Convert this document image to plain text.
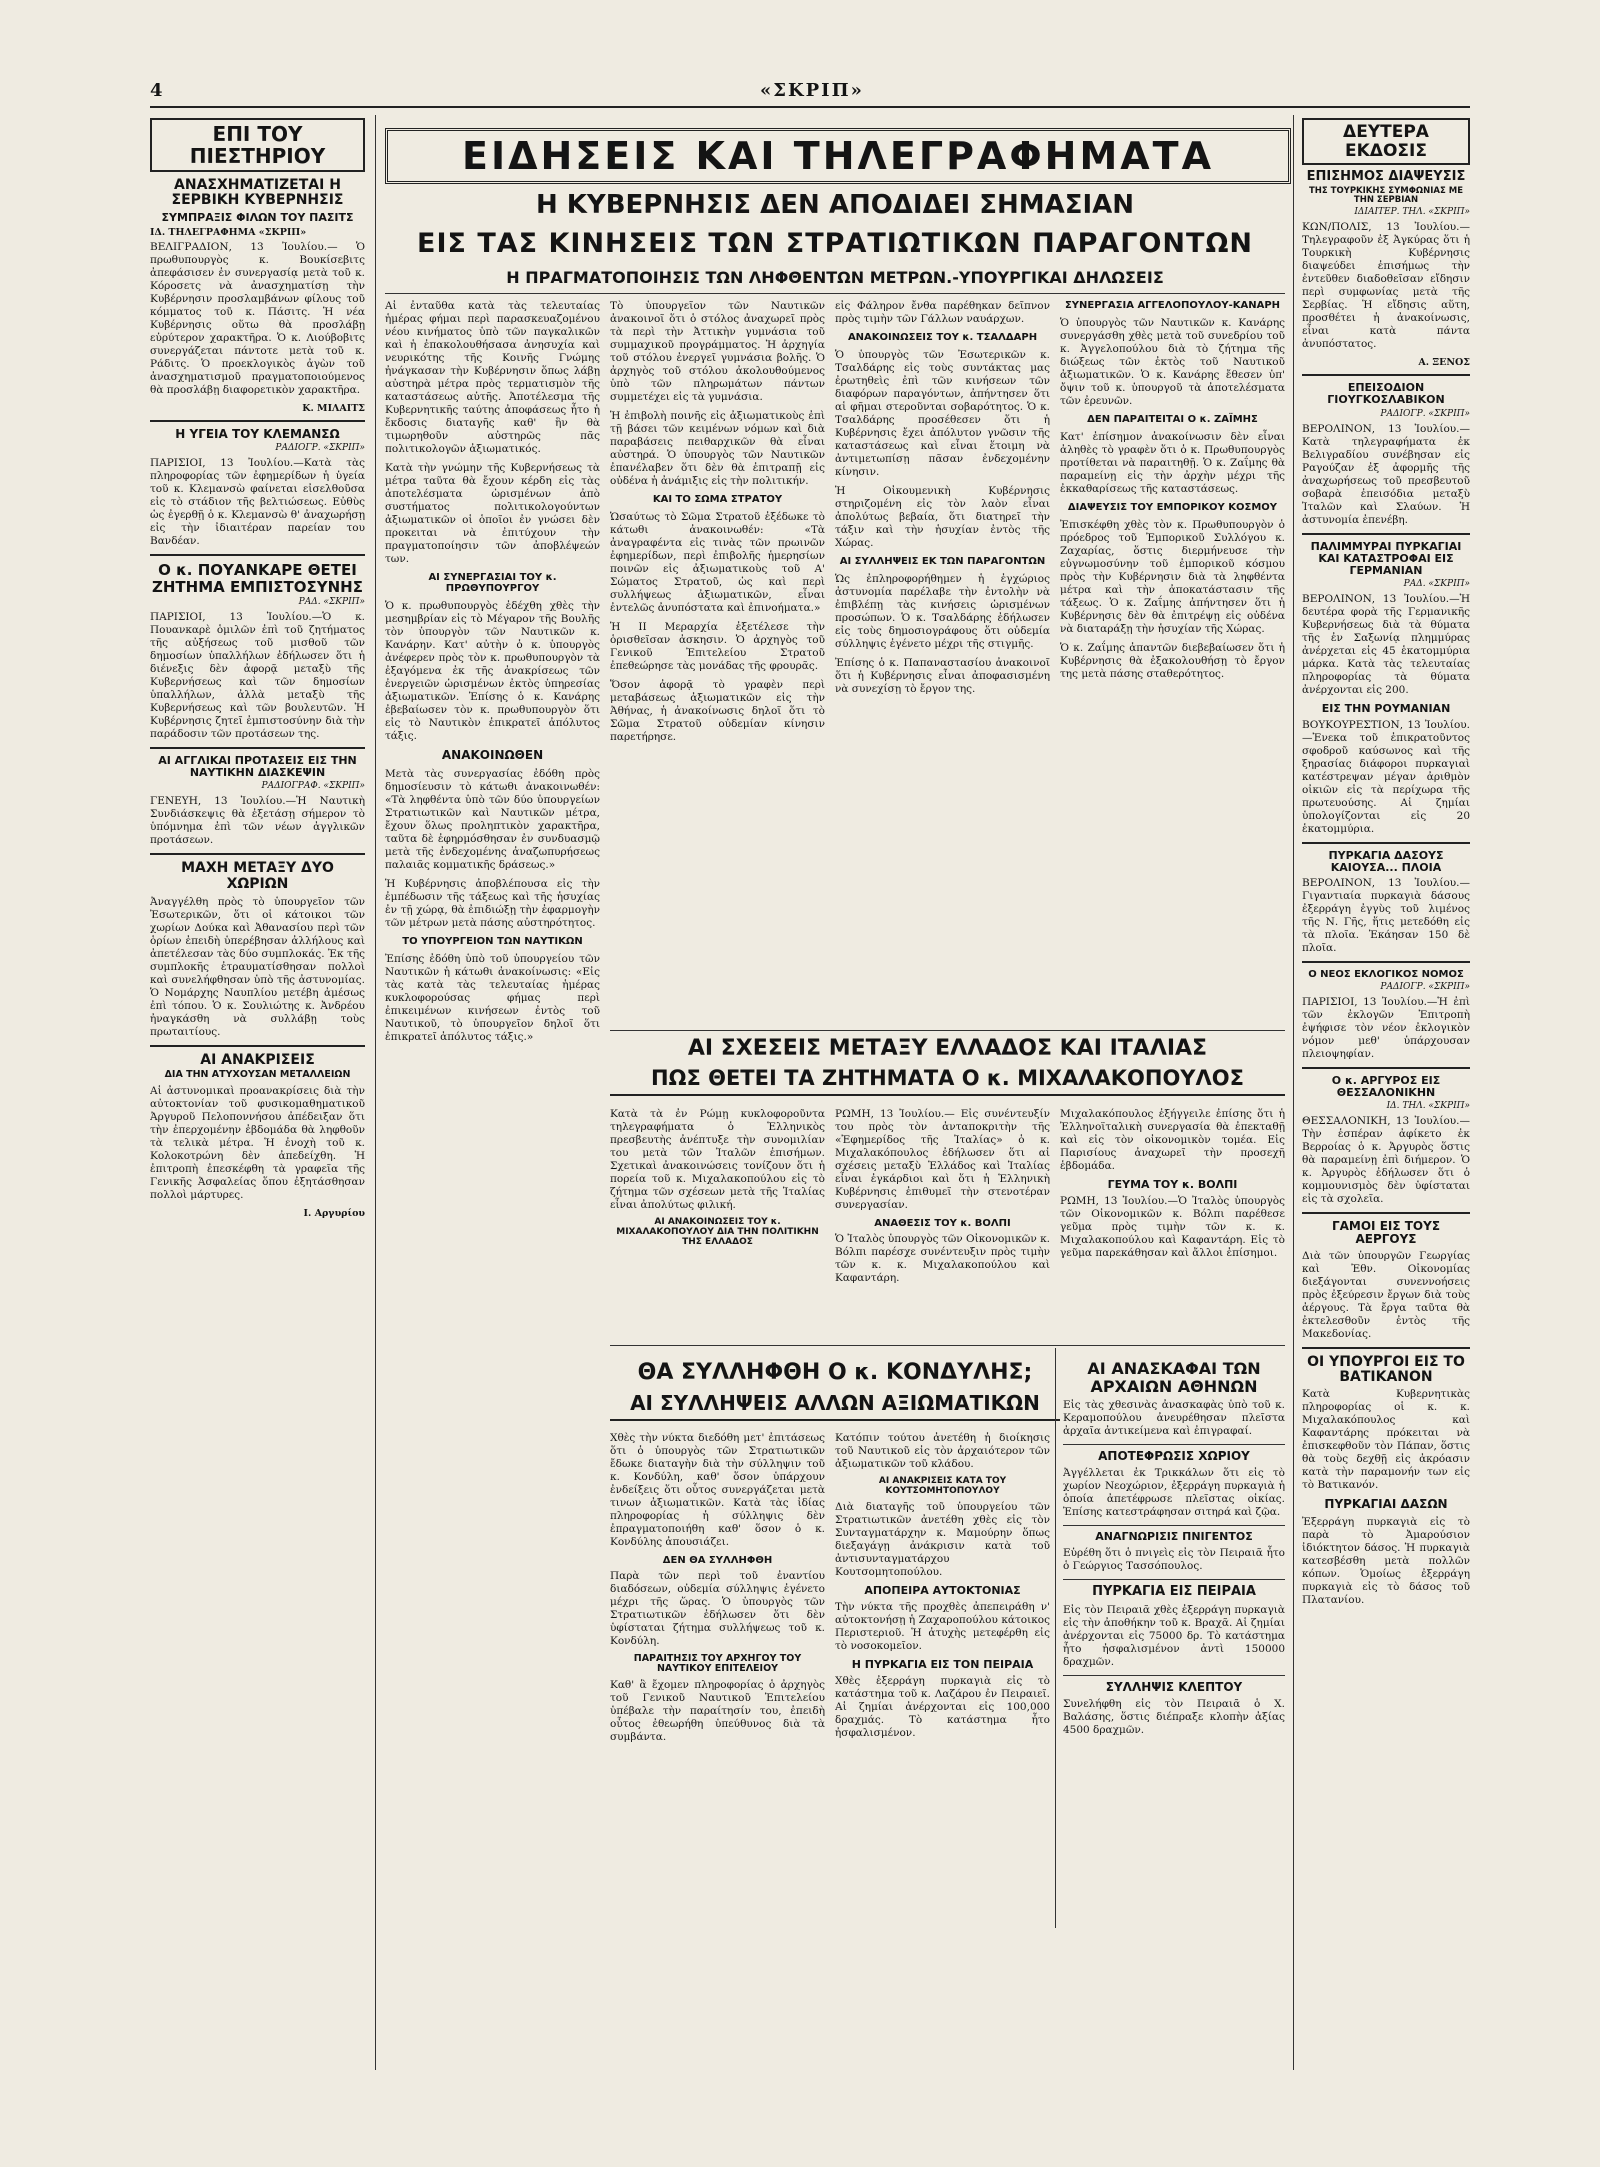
4	«ΣΚΡΙΠ»
ΕΠΙ ΤΟΥ ΠΙΕΣΤΗΡΙΟΥ
ΑΝΑΣΧΗΜΑΤΙΖΕΤΑΙ Η ΣΕΡΒΙΚΗ ΚΥΒΕΡΝΗΣΙΣ
ΣΥΜΠΡΑΞΙΣ ΦΙΛΩΝ ΤΟΥ ΠΑΣΙΤΣ
ΙΔ. ΤΗΛΕΓΡΑΦΗΜΑ «ΣΚΡΙΠ»

ΒΕΛΙΓΡΑΔΙΟΝ, 13 Ἰουλίου.— Ὁ πρωθυπουργὸς κ. Βουκίσεβιτς ἀπεφάσισεν ἐν συνεργασίᾳ μετὰ τοῦ κ. Κόροσετς νὰ ἀνασχηματίσῃ τὴν Κυβέρνησιν προσλαμβάνων φίλους τοῦ κόμματος τοῦ κ. Πάσιτς. Ἡ νέα Κυβέρνησις οὕτω θὰ προσλάβῃ εὐρύτερον χαρακτῆρα. Ὁ κ. Λιούβοβιτς συνεργάζεται πάντοτε μετὰ τοῦ κ. Ράδιτς. Ὁ προεκλογικὸς ἀγὼν τοῦ ἀνασχηματισμοῦ πραγματοποιούμενος θὰ προσλάβῃ διαφορετικὸν χαρακτῆρα.

Κ. ΜΙΛΑΙΤΣ
Η ΥΓΕΙΑ ΤΟΥ ΚΛΕΜΑΝΣΩ
ΡΑΔΙΟΓΡ. «ΣΚΡΙΠ»

ΠΑΡΙΣΙΟΙ, 13 Ἰουλίου.—Κατὰ τὰς πληροφορίας τῶν ἐφημερίδων ἡ ὑγεία τοῦ κ. Κλεμανσὼ φαίνεται εἰσελθοῦσα εἰς τὸ στάδιον τῆς βελτιώσεως. Εὐθὺς ὡς ἐγερθῇ ὁ κ. Κλεμανσὼ θ' ἀναχωρήσῃ εἰς τὴν ἰδιαιτέραν παρείαν του Βανδέαν.

Ο κ. ΠΟΥΑΝΚΑΡΕ ΘΕΤΕΙ ΖΗΤΗΜΑ ΕΜΠΙΣΤΟΣΥΝΗΣ
ΡΑΔ. «ΣΚΡΙΠ»

ΠΑΡΙΣΙΟΙ, 13 Ἰουλίου.—Ὁ κ. Πουανκαρὲ ὁμιλῶν ἐπὶ τοῦ ζητήματος τῆς αὐξήσεως τοῦ μισθοῦ τῶν δημοσίων ὑπαλλήλων ἐδήλωσεν ὅτι ἡ διένεξις δὲν ἀφορᾷ μεταξὺ τῆς Κυβερνήσεως καὶ τῶν δημοσίων ὑπαλλήλων, ἀλλὰ μεταξὺ τῆς Κυβερνήσεως καὶ τῶν βουλευτῶν. Ἡ Κυβέρνησις ζητεῖ ἐμπιστοσύνην διὰ τὴν παράδοσιν τῶν προτάσεων της.

ΑΙ ΑΓΓΛΙΚΑΙ ΠΡΟΤΑΣΕΙΣ ΕΙΣ ΤΗΝ ΝΑΥΤΙΚΗΝ ΔΙΑΣΚΕΨΙΝ
ΡΑΔΙΟΓΡΑΦ. «ΣΚΡΙΠ»

ΓΕΝΕΥΗ, 13 Ἰουλίου.—Ἡ Ναυτικὴ Συνδιάσκεψις θὰ ἐξετάσῃ σήμερον τὸ ὑπόμνημα ἐπὶ τῶν νέων ἀγγλικῶν προτάσεων.

ΜΑΧΗ ΜΕΤΑΞΥ ΔΥΟ ΧΩΡΙΩΝ

Ἀναγγέλθη πρὸς τὸ ὑπουργεῖον τῶν Ἐσωτερικῶν, ὅτι οἱ κάτοικοι τῶν χωρίων Δούκα καὶ Ἀθανασίου περὶ τῶν ὁρίων ἐπειδὴ ὑπερέβησαν ἀλλήλους καὶ ἀπετέλεσαν τὰς δύο συμπλοκάς. Ἐκ τῆς συμπλοκῆς ἐτραυματίσθησαν πολλοὶ καὶ συνελήφθησαν ὑπὸ τῆς ἀστυνομίας. Ὁ Νομάρχης Ναυπλίου μετέβη ἀμέσως ἐπὶ τόπου. Ὁ κ. Σουλιώτης κ. Ἀνδρέου ἠναγκάσθη νὰ συλλάβῃ τοὺς πρωταιτίους.

ΑΙ ΑΝΑΚΡΙΣΕΙΣ
ΔΙΑ ΤΗΝ ΑΤΥΧΟΥΣΑΝ ΜΕΤΑΛΛΕΙΩΝ

Αἱ ἀστυνομικαὶ προανακρίσεις διὰ τὴν αὐτοκτονίαν τοῦ φυσικομαθηματικοῦ Ἀργυροῦ Πελοποννήσου ἀπέδειξαν ὅτι τὴν ἐπερχομένην ἐβδομάδα θὰ ληφθοῦν τὰ τελικὰ μέτρα. Ἡ ἐνοχὴ τοῦ κ. Κολοκοτρώνη δὲν ἀπεδείχθη. Ἡ ἐπιτροπὴ ἐπεσκέφθη τὰ γραφεῖα τῆς Γενικῆς Ἀσφαλείας ὅπου ἐξητάσθησαν πολλοὶ μάρτυρες.

Ι. Αργυρίου
ΕΙΔΗΣΕΙΣ ΚΑΙ ΤΗΛΕΓΡΑΦΗΜΑΤΑ
Η ΚΥΒΕΡΝΗΣΙΣ ΔΕΝ ΑΠΟΔΙΔΕΙ ΣΗΜΑΣΙΑΝ
ΕΙΣ ΤΑΣ ΚΙΝΗΣΕΙΣ ΤΩΝ ΣΤΡΑΤΙΩΤΙΚΩΝ ΠΑΡΑΓΟΝΤΩΝ
Η ΠΡΑΓΜΑΤΟΠΟΙΗΣΙΣ ΤΩΝ ΛΗΦΘΕΝΤΩΝ ΜΕΤΡΩΝ.-ΥΠΟΥΡΓΙΚΑΙ ΔΗΛΩΣΕΙΣ

Αἱ ἐνταῦθα κατὰ τὰς τελευταίας ἡμέρας φήμαι περὶ παρασκευαζομένου νέου κινήματος ὑπὸ τῶν παγκαλικῶν καὶ ἡ ἐπακολουθήσασα ἀνησυχία καὶ νευρικότης τῆς Κοινῆς Γνώμης ἠνάγκασαν τὴν Κυβέρνησιν ὅπως λάβῃ αὐστηρὰ μέτρα πρὸς τερματισμὸν τῆς καταστάσεως αὐτῆς. Ἀποτέλεσμα τῆς Κυβερνητικῆς ταύτης ἀποφάσεως ἦτο ἡ ἔκδοσις διαταγῆς καθ' ἣν θὰ τιμωρηθοῦν αὐστηρῶς πᾶς πολιτικολογῶν ἀξιωματικός.

Κατὰ τὴν γνώμην τῆς Κυβερνήσεως τὰ μέτρα ταῦτα θὰ ἔχουν κέρδη εἰς τὰς ἀποτελέσματα ὡρισμένων ἀπὸ συστήματος πολιτικολογούντων ἀξιωματικῶν οἱ ὁποῖοι ἐν γνώσει δὲν προκειται νὰ ἐπιτύχουν τὴν πραγματοποίησιν τῶν ἀποβλέψεών των.

ΑΙ ΣΥΝΕΡΓΑΣΙΑΙ ΤΟΥ κ. ΠΡΩΘΥΠΟΥΡΓΟΥ

Ὁ κ. πρωθυπουργὸς ἐδέχθη χθὲς τὴν μεσημβρίαν εἰς τὸ Μέγαρον τῆς Βουλῆς τὸν ὑπουργὸν τῶν Ναυτικῶν κ. Κανάρην. Κατ' αὐτὴν ὁ κ. ὑπουργὸς ἀνέφερεν πρὸς τὸν κ. πρωθυπουργὸν τὰ ἐξαγόμενα ἐκ τῆς ἀνακρίσεως τῶν ἐνεργειῶν ὡρισμένων ἐκτὸς ὑπηρεσίας ἀξιωματικῶν. Ἐπίσης ὁ κ. Κανάρης ἐβεβαίωσεν τὸν κ. πρωθυπουργὸν ὅτι εἰς τὸ Ναυτικὸν ἐπικρατεῖ ἀπόλυτος τάξις.

ΑΝΑΚΟΙΝΩΘΕΝ

Μετὰ τὰς συνεργασίας ἐδόθη πρὸς δημοσίευσιν τὸ κάτωθι ἀνακοινωθέν: «Τὰ ληφθέντα ὑπὸ τῶν δύο ὑπουργείων Στρατιωτικῶν καὶ Ναυτικῶν μέτρα, ἔχουν ὅλως προληπτικὸν χαρακτῆρα, ταῦτα δὲ ἐφηρμόσθησαν ἐν συνδυασμῷ μετὰ τῆς ἐνδεχομένης ἀναζωπυρήσεως παλαιᾶς κομματικῆς δράσεως.»

Ἡ Κυβέρνησις ἀποβλέπουσα εἰς τὴν ἐμπέδωσιν τῆς τάξεως καὶ τῆς ἡσυχίας ἐν τῇ χώρᾳ, θὰ ἐπιδιώξῃ τὴν ἐφαρμογὴν τῶν μέτρων μετὰ πάσης αὐστηρότητος.

ΤΟ ΥΠΟΥΡΓΕΙΟΝ ΤΩΝ ΝΑΥΤΙΚΩΝ

Ἐπίσης ἐδόθη ὑπὸ τοῦ ὑπουργείου τῶν Ναυτικῶν ἡ κάτωθι ἀνακοίνωσις: «Εἰς τὰς κατὰ τὰς τελευταίας ἡμέρας κυκλοφορούσας φήμας περὶ ἐπικειμένων κινήσεων ἐντὸς τοῦ Ναυτικοῦ, τὸ ὑπουργεῖον δηλοῖ ὅτι ἐπικρατεῖ ἀπόλυτος τάξις.»

Τὸ ὑπουργεῖον τῶν Ναυτικῶν ἀνακοινοῖ ὅτι ὁ στόλος ἀναχωρεῖ πρὸς τὰ περὶ τὴν Ἀττικὴν γυμνάσια τοῦ συμμαχικοῦ προγράμματος. Ἡ ἀρχηγία τοῦ στόλου ἐνεργεῖ γυμνάσια βολῆς. Ὁ ἀρχηγὸς τοῦ στόλου ἀκολουθούμενος ὑπὸ τῶν πληρωμάτων πάντων συμμετέχει εἰς τὰ γυμνάσια.

Ἡ ἐπιβολὴ ποινῆς εἰς ἀξιωματικοὺς ἐπὶ τῇ βάσει τῶν κειμένων νόμων καὶ διὰ παραβάσεις πειθαρχικῶν θὰ εἶναι αὐστηρά. Ὁ ὑπουργὸς τῶν Ναυτικῶν ἐπανέλαβεν ὅτι δὲν θὰ ἐπιτραπῇ εἰς οὐδένα ἡ ἀνάμιξις εἰς τὴν πολιτικήν.

ΚΑΙ ΤΟ ΣΩΜΑ ΣΤΡΑΤΟΥ

Ὡσαύτως τὸ Σῶμα Στρατοῦ ἐξέδωκε τὸ κάτωθι ἀνακοινωθέν: «Τὰ ἀναγραφέντα εἰς τινὰς τῶν πρωινῶν ἐφημερίδων, περὶ ἐπιβολῆς ἡμερησίων ποινῶν εἰς ἀξιωματικοὺς τοῦ Α' Σώματος Στρατοῦ, ὡς καὶ περὶ συλλήψεως ἀξιωματικῶν, εἶναι ἐντελῶς ἀνυπόστατα καὶ ἐπινοήματα.»

Ἡ ΙΙ Μεραρχία ἐξετέλεσε τὴν ὁρισθεῖσαν ἀσκησιν. Ὁ ἀρχηγὸς τοῦ Γενικοῦ Ἐπιτελείου Στρατοῦ ἐπεθεώρησε τὰς μονάδας τῆς φρουρᾶς.

Ὅσον ἀφορᾷ τὸ γραφὲν περὶ μεταβάσεως ἀξιωματικῶν εἰς τὴν Ἀθήνας, ἡ ἀνακοίνωσις δηλοῖ ὅτι τὸ Σῶμα Στρατοῦ οὐδεμίαν κίνησιν παρετήρησε.

εἰς Φάληρον ἔνθα παρέθηκαν δεῖπνον πρὸς τιμὴν τῶν Γάλλων ναυάρχων.

ΑΝΑΚΟΙΝΩΣΕΙΣ ΤΟΥ κ. ΤΣΑΛΔΑΡΗ

Ὁ ὑπουργὸς τῶν Ἐσωτερικῶν κ. Τσαλδάρης εἰς τοὺς συντάκτας μας ἐρωτηθεὶς ἐπὶ τῶν κινήσεων τῶν διαφόρων παραγόντων, ἀπήντησεν ὅτι αἱ φῆμαι στεροῦνται σοβαρότητος. Ὁ κ. Τσαλδάρης προσέθεσεν ὅτι ἡ Κυβέρνησις ἔχει ἀπόλυτον γνῶσιν τῆς καταστάσεως καὶ εἶναι ἕτοιμη νὰ ἀντιμετωπίσῃ πᾶσαν ἐνδεχομένην κίνησιν.

Ἡ Οἰκουμενικὴ Κυβέρνησις στηριζομένη εἰς τὸν λαὸν εἶναι ἀπολύτως βεβαία, ὅτι διατηρεῖ τὴν τάξιν καὶ τὴν ἡσυχίαν ἐντὸς τῆς Χώρας.

ΑΙ ΣΥΛΛΗΨΕΙΣ ΕΚ ΤΩΝ ΠΑΡΑΓΟΝΤΩΝ

Ὡς ἐπληροφορήθημεν ἡ ἐγχώριος ἀστυνομία παρέλαβε τὴν ἐντολὴν νὰ ἐπιβλέπῃ τὰς κινήσεις ὡρισμένων προσώπων. Ὁ κ. Τσαλδάρης ἐδήλωσεν εἰς τοὺς δημοσιογράφους ὅτι οὐδεμία σύλληψις ἐγένετο μέχρι τῆς στιγμῆς.

Ἐπίσης ὁ κ. Παπαναστασίου ἀνακοινοῖ ὅτι ἡ Κυβέρνησις εἶναι ἀποφασισμένη νὰ συνεχίσῃ τὸ ἔργον της.

ΣΥΝΕΡΓΑΣΙΑ ΑΓΓΕΛΟΠΟΥΛΟΥ-ΚΑΝΑΡΗ

Ὁ ὑπουργὸς τῶν Ναυτικῶν κ. Κανάρης συνεργάσθη χθὲς μετὰ τοῦ συνεδρίου τοῦ κ. Ἀγγελοπούλου διὰ τὸ ζήτημα τῆς διώξεως τῶν ἐκτὸς τοῦ Ναυτικοῦ ἀξιωματικῶν. Ὁ κ. Κανάρης ἔθεσεν ὑπ' ὄψιν τοῦ κ. ὑπουργοῦ τὰ ἀποτελέσματα τῶν ἐρευνῶν.

ΔΕΝ ΠΑΡΑΙΤΕΙΤΑΙ Ο κ. ΖΑΪΜΗΣ

Κατ' ἐπίσημον ἀνακοίνωσιν δὲν εἶναι ἀληθὲς τὸ γραφὲν ὅτι ὁ κ. Πρωθυπουργὸς προτίθεται νὰ παραιτηθῇ. Ὁ κ. Ζαΐμης θὰ παραμείνῃ εἰς τὴν ἀρχὴν μέχρι τῆς ἐκκαθαρίσεως τῆς καταστάσεως.

ΔΙΑΨΕΥΣΙΣ ΤΟΥ ΕΜΠΟΡΙΚΟΥ ΚΟΣΜΟΥ

Ἐπισκέφθη χθὲς τὸν κ. Πρωθυπουργὸν ὁ πρόεδρος τοῦ Ἐμπορικοῦ Συλλόγου κ. Ζαχαρίας, ὅστις διερμήνευσε τὴν εὐγνωμοσύνην τοῦ ἐμπορικοῦ κόσμου πρὸς τὴν Κυβέρνησιν διὰ τὰ ληφθέντα μέτρα καὶ τὴν ἀποκατάστασιν τῆς τάξεως. Ὁ κ. Ζαΐμης ἀπήντησεν ὅτι ἡ Κυβέρνησις δὲν θὰ ἐπιτρέψῃ εἰς οὐδένα νὰ διαταράξῃ τὴν ἡσυχίαν τῆς Χώρας.

Ὁ κ. Ζαΐμης ἀπαντῶν διεβεβαίωσεν ὅτι ἡ Κυβέρνησις θὰ ἐξακολουθήσῃ τὸ ἔργον της μετὰ πάσης σταθερότητος.

ΑΙ ΣΧΕΣΕΙΣ ΜΕΤΑΞΥ ΕΛΛΑΔΟΣ ΚΑΙ ΙΤΑΛΙΑΣ
ΠΩΣ ΘΕΤΕΙ ΤΑ ΖΗΤΗΜΑΤΑ Ο κ. ΜΙΧΑΛΑΚΟΠΟΥΛΟΣ

Κατὰ τὰ ἐν Ρώμῃ κυκλοφοροῦντα τηλεγραφήματα ὁ Ἑλληνικὸς πρεσβευτὴς ἀνέπτυξε τὴν συνομιλίαν του μετὰ τῶν Ἰταλῶν ἐπισήμων. Σχετικαὶ ἀνακοινώσεις τονίζουν ὅτι ἡ πορεία τοῦ κ. Μιχαλακοπούλου εἰς τὸ ζήτημα τῶν σχέσεων μετὰ τῆς Ἰταλίας εἶναι ἀπολύτως φιλική.

ΑΙ ΑΝΑΚΟΙΝΩΣΕΙΣ ΤΟΥ κ. ΜΙΧΑΛΑΚΟΠΟΥΛΟΥ ΔΙΑ ΤΗΝ ΠΟΛΙΤΙΚΗΝ ΤΗΣ ΕΛΛΑΔΟΣ

ΡΩΜΗ, 13 Ἰουλίου.— Εἰς συνέντευξίν του πρὸς τὸν ἀνταποκριτὴν τῆς «Ἐφημερίδος τῆς Ἰταλίας» ὁ κ. Μιχαλακόπουλος ἐδήλωσεν ὅτι αἱ σχέσεις μεταξὺ Ἑλλάδος καὶ Ἰταλίας εἶναι ἐγκάρδιοι καὶ ὅτι ἡ Ἑλληνικὴ Κυβέρνησις ἐπιθυμεῖ τὴν στενοτέραν συνεργασίαν.

ΑΝΑΘΕΣΙΣ ΤΟΥ κ. ΒΟΛΠΙ

Ὁ Ἰταλὸς ὑπουργὸς τῶν Οἰκονομικῶν κ. Βόλπι παρέσχε συνέντευξιν πρὸς τιμὴν τῶν κ. κ. Μιχαλακοπούλου καὶ Καφαντάρη.

Μιχαλακόπουλος ἐξήγγειλε ἐπίσης ὅτι ἡ Ἐλληνοϊταλικὴ συνεργασία θὰ ἐπεκταθῇ καὶ εἰς τὸν οἰκονομικὸν τομέα. Εἰς Παρισίους ἀναχωρεῖ τὴν προσεχῆ ἑβδομάδα.

ΓΕΥΜΑ ΤΟΥ κ. ΒΟΛΠΙ

ΡΩΜΗ, 13 Ἰουλίου.—Ὁ Ἰταλὸς ὑπουργὸς τῶν Οἰκονομικῶν κ. Βόλπι παρέθεσε γεῦμα πρὸς τιμὴν τῶν κ. κ. Μιχαλακοπούλου καὶ Καφαντάρη. Εἰς τὸ γεῦμα παρεκάθησαν καὶ ἄλλοι ἐπίσημοι.

ΘΑ ΣΥΛΛΗΦΘΗ Ο κ. ΚΟΝΔΥΛΗΣ;
ΑΙ ΣΥΛΛΗΨΕΙΣ ΑΛΛΩΝ ΑΞΙΩΜΑΤΙΚΩΝ

Χθὲς τὴν νύκτα διεδόθη μετ' ἐπιτάσεως ὅτι ὁ ὑπουργὸς τῶν Στρατιωτικῶν ἔδωκε διαταγὴν διὰ τὴν σύλληψιν τοῦ κ. Κονδύλη, καθ' ὅσον ὑπάρχουν ἐνδείξεις ὅτι οὗτος συνεργάζεται μετὰ τινων ἀξιωματικῶν. Κατὰ τὰς ἰδίας πληροφορίας ἡ σύλληψις δὲν ἐπραγματοποιήθη καθ' ὅσον ὁ κ. Κονδύλης ἀπουσιάζει.

ΔΕΝ ΘΑ ΣΥΛΛΗΦΘΗ

Παρὰ τῶν περὶ τοῦ ἐναντίου διαδόσεων, οὐδεμία σύλληψις ἐγένετο μέχρι τῆς ὥρας. Ὁ ὑπουργὸς τῶν Στρατιωτικῶν ἐδήλωσεν ὅτι δὲν ὑφίσταται ζήτημα συλλήψεως τοῦ κ. Κονδύλη.

ΠΑΡΑΙΤΗΣΙΣ ΤΟΥ ΑΡΧΗΓΟΥ ΤΟΥ ΝΑΥΤΙΚΟΥ ΕΠΙΤΕΛΕΙΟΥ

Καθ' ἃ ἔχομεν πληροφορίας ὁ ἀρχηγὸς τοῦ Γενικοῦ Ναυτικοῦ Ἐπιτελείου ὑπέβαλε τὴν παραίτησίν του, ἐπειδὴ οὗτος ἐθεωρήθη ὑπεύθυνος διὰ τὰ συμβάντα.

Κατόπιν τούτου ἀνετέθη ἡ διοίκησις τοῦ Ναυτικοῦ εἰς τὸν ἀρχαιότερον τῶν ἀξιωματικῶν τοῦ κλάδου.

ΑΙ ΑΝΑΚΡΙΣΕΙΣ ΚΑΤΑ ΤΟΥ ΚΟΥΤΣΟΜΗΤΟΠΟΥΛΟΥ

Διὰ διαταγῆς τοῦ ὑπουργείου τῶν Στρατιωτικῶν ἀνετέθη χθὲς εἰς τὸν Συνταγματάρχην κ. Μαμούρην ὅπως διεξαγάγῃ ἀνάκρισιν κατὰ τοῦ ἀντισυνταγματάρχου Κουτσομητοπούλου.

ΑΠΟΠΕΙΡΑ ΑΥΤΟΚΤΟΝΙΑΣ

Τὴν νύκτα τῆς προχθὲς ἀπεπειράθη ν' αὐτοκτονήσῃ ἡ Ζαχαροπούλου κάτοικος Περιστεριοῦ. Ἡ ἀτυχὴς μετεφέρθη εἰς τὸ νοσοκομεῖον.

Η ΠΥΡΚΑΓΙΑ ΕΙΣ ΤΟΝ ΠΕΙΡΑΙΑ

Χθὲς ἐξερράγη πυρκαγιὰ εἰς τὸ κατάστημα τοῦ κ. Λαζάρου ἐν Πειραιεῖ. Αἱ ζημίαι ἀνέρχονται εἰς 100,000 δραχμάς. Τὸ κατάστημα ἦτο ἠσφαλισμένον.

ΑΙ ΑΝΑΣΚΑΦΑΙ ΤΩΝ ΑΡΧΑΙΩΝ ΑΘΗΝΩΝ

Εἰς τὰς χθεσινὰς ἀνασκαφὰς ὑπὸ τοῦ κ. Κεραμοπούλου ἀνευρέθησαν πλεῖστα ἀρχαῖα ἀντικείμενα καὶ ἐπιγραφαί.

ΑΠΟΤΕΦΡΩΣΙΣ ΧΩΡΙΟΥ

Ἀγγέλλεται ἐκ Τρικκάλων ὅτι εἰς τὸ χωρίον Νεοχώριον, ἐξερράγη πυρκαγιὰ ἡ ὁποία ἀπετέφρωσε πλεῖστας οἰκίας. Ἐπίσης κατεστράφησαν σιτηρά καὶ ζῷα.

ΑΝΑΓΝΩΡΙΣΙΣ ΠΝΙΓΕΝΤΟΣ

Εὑρέθη ὅτι ὁ πνιγεὶς εἰς τὸν Πειραιᾶ ἦτο ὁ Γεώργιος Τασσόπουλος.

ΠΥΡΚΑΓΙΑ ΕΙΣ ΠΕΙΡΑΙΑ

Εἰς τὸν Πειραιᾶ χθὲς ἐξερράγη πυρκαγιὰ εἰς τὴν ἀποθήκην τοῦ κ. Βραχᾶ. Αἱ ζημίαι ἀνέρχονται εἰς 75000 δρ. Τὸ κατάστημα ἦτο ἠσφαλισμένον ἀντὶ 150000 δραχμῶν.

ΣΥΛΛΗΨΙΣ ΚΛΕΠΤΟΥ

Συνελήφθη εἰς τὸν Πειραιᾶ ὁ Χ. Βαλάσης, ὅστις διέπραξε κλοπὴν ἀξίας 4500 δραχμῶν.

ΔΕΥΤΕΡΑ ΕΚΔΟΣΙΣ
ΕΠΙΣΗΜΟΣ ΔΙΑΨΕΥΣΙΣ
ΤΗΣ ΤΟΥΡΚΙΚΗΣ ΣΥΜΦΩΝΙΑΣ ΜΕ ΤΗΝ ΣΕΡΒΙΑΝ
ΙΔΙΑΙΤΕΡ. ΤΗΛ. «ΣΚΡΙΠ»

ΚΩΝ/ΠΟΛΙΣ, 13 Ἰουλίου.—Τηλεγραφοῦν ἐξ Ἀγκύρας ὅτι ἡ Τουρκικὴ Κυβέρνησις διαψεύδει ἐπισήμως τὴν ἐντεῦθεν διαδοθεῖσαν εἴδησιν περὶ συμφωνίας μετὰ τῆς Σερβίας. Ἡ εἴδησις αὕτη, προσθέτει ἡ ἀνακοίνωσις, εἶναι κατὰ πάντα ἀνυπόστατος.

Α. ΞΕΝΟΣ
ΕΠΕΙΣΟΔΙΟΝ ΓΙΟΥΓΚΟΣΛΑΒΙΚΟΝ
ΡΑΔΙΟΓΡ. «ΣΚΡΙΠ»

ΒΕΡΟΛΙΝΟΝ, 13 Ἰουλίου.—Κατὰ τηλεγραφήματα ἐκ Βελιγραδίου συνέβησαν εἰς Ραγούζαν ἐξ ἀφορμῆς τῆς ἀναχωρήσεως τοῦ πρεσβευτοῦ σοβαρὰ ἐπεισόδια μεταξὺ Ἰταλῶν καὶ Σλαύων. Ἡ ἀστυνομία ἐπενέβη.

ΠΑΛΙΜΜΥΡΑΙ ΠΥΡΚΑΓΙΑΙ ΚΑΙ ΚΑΤΑΣΤΡΟΦΑΙ ΕΙΣ ΓΕΡΜΑΝΙΑΝ
ΡΑΔ. «ΣΚΡΙΠ»

ΒΕΡΟΛΙΝΟΝ, 13 Ἰουλίου.—Ἡ δευτέρα φορὰ τῆς Γερμανικῆς Κυβερνήσεως διὰ τὰ θύματα τῆς ἐν Σαξωνίᾳ πλημμύρας ἀνέρχεται εἰς 45 ἑκατομμύρια μάρκα. Κατὰ τὰς τελευταίας πληροφορίας τὰ θύματα ἀνέρχονται εἰς 200.

ΕΙΣ ΤΗΝ ΡΟΥΜΑΝΙΑΝ

ΒΟΥΚΟΥΡΕΣΤΙΟΝ, 13 Ἰουλίου.—Ἐνεκα τοῦ ἐπικρατοῦντος σφοδροῦ καύσωνος καὶ τῆς ξηρασίας διάφοροι πυρκαγιαὶ κατέστρεψαν μέγαν ἀριθμὸν οἰκιῶν εἰς τὰ περίχωρα τῆς πρωτευούσης. Αἱ ζημίαι ὑπολογίζονται εἰς 20 ἑκατομμύρια.

ΠΥΡΚΑΓΙΑ ΔΑΣΟΥΣ ΚΑΙΟΥΣΑ... ΠΛΟΙΑ

ΒΕΡΟΛΙΝΟΝ, 13 Ἰουλίου.—Γιγαντιαία πυρκαγιὰ δάσους ἐξερράγη ἐγγὺς τοῦ λιμένος τῆς Ν. Γῆς, ἥτις μετεδόθη εἰς τὰ πλοῖα. Ἐκάησαν 150 δὲ πλοῖα.

Ο ΝΕΟΣ ΕΚΛΟΓΙΚΟΣ ΝΟΜΟΣ
ΡΑΔΙΟΓΡ. «ΣΚΡΙΠ»

ΠΑΡΙΣΙΟΙ, 13 Ἰουλίου.—Ἡ ἐπὶ τῶν ἐκλογῶν Ἐπιτροπὴ ἐψήφισε τὸν νέον ἐκλογικὸν νόμον μεθ' ὑπάρχουσαν πλειοψηφίαν.

Ο κ. ΑΡΓΥΡΟΣ ΕΙΣ ΘΕΣΣΑΛΟΝΙΚΗΝ
ΙΔ. ΤΗΛ. «ΣΚΡΙΠ»

ΘΕΣΣΑΛΟΝΙΚΗ, 13 Ἰουλίου.—Τὴν ἑσπέραν ἀφίκετο ἐκ Βερροίας ὁ κ. Ἀργυρὸς ὅστις θὰ παραμείνῃ ἐπὶ διήμερον. Ὁ κ. Ἀργυρὸς ἐδήλωσεν ὅτι ὁ κομμουνισμὸς δὲν ὑφίσταται εἰς τὰ σχολεῖα.

ΓΑΜΟΙ ΕΙΣ ΤΟΥΣ ΑΕΡΓΟΥΣ

Διὰ τῶν ὑπουργῶν Γεωργίας καὶ Ἐθν. Οἰκονομίας διεξάγονται συνεννοήσεις πρὸς ἐξεύρεσιν ἔργων διὰ τοὺς ἀέργους. Τὰ ἔργα ταῦτα θὰ ἐκτελεσθοῦν ἐντὸς τῆς Μακεδονίας.

ΟΙ ΥΠΟΥΡΓΟΙ ΕΙΣ ΤΟ ΒΑΤΙΚΑΝΟΝ

Κατὰ Κυβερνητικὰς πληροφορίας οἱ κ. κ. Μιχαλακόπουλος καὶ Καφαντάρης πρόκειται νὰ ἐπισκεφθοῦν τὸν Πάπαν, ὅστις θὰ τοὺς δεχθῇ εἰς ἀκρόασιν κατὰ τὴν παραμονήν των εἰς τὸ Βατικανόν.

ΠΥΡΚΑΓΙΑΙ ΔΑΣΩΝ

Ἐξερράγη πυρκαγιὰ εἰς τὸ παρὰ τὸ Ἀμαρούσιον ἰδιόκτητον δάσος. Ἡ πυρκαγιὰ κατεσβέσθη μετὰ πολλῶν κόπων. Ὁμοίως ἐξερράγη πυρκαγιὰ εἰς τὸ δάσος τοῦ Πλατανίου.
